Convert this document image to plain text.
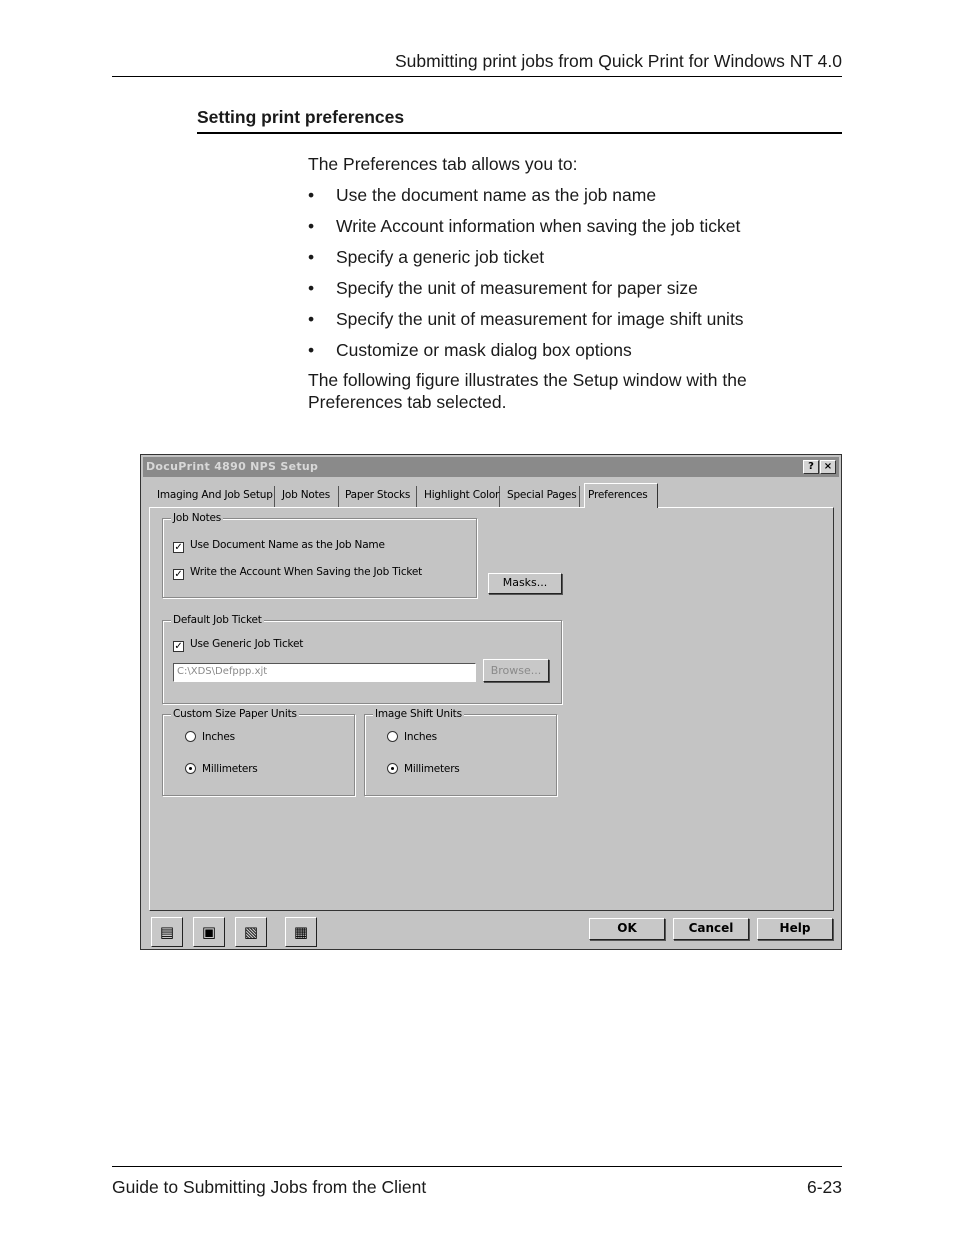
Submitting print jobs from Quick Print for Windows NT 4.0
Setting print preferences
The Preferences tab allows you to:
• Use the document name as the job name
• Write Account information when saving the job ticket
• Specify a generic job ticket
• Specify the unit of measurement for paper size
• Specify the unit of measurement for image shift units
• Customize or mask dialog box options
The following figure illustrates the Setup window with the Preferences tab selected.
DocuPrint 4890 NPS Setup	? ×
Imaging And Job Setup Job Notes	Paper Stocks	Highlight Color Special Pages	Preferences
Job Notes
✓ Use Document Name as the Job Name
✓ Write the Account When Saving the Job Ticket
Masks...
Default Job Ticket
✓ Use Generic Job Ticket
C:\XDS\Defppp.xjt	Browse...
Custom Size Paper Units
Inches
Millimeters
Image Shift Units
Inches
Millimeters
▤	▣	▧	▦	OK	Cancel	Help
Guide to Submitting Jobs from the Client	6-23
